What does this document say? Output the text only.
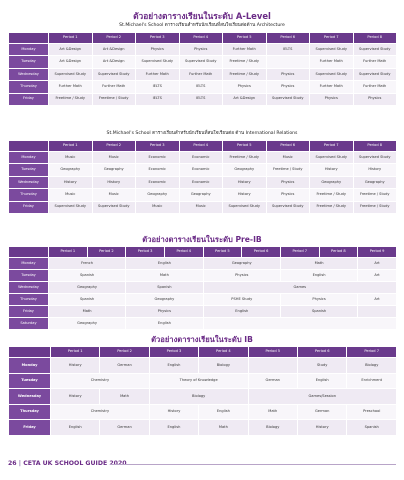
ตัวอย่างตารางเรียนในระดับ A-Level
St.Michael's School ตารางเรียนสำหรับนักเรียนที่สนใจเรียนต่อด้าน Architecture
	Period 1	Period 2	Period 3	Period 4	Period 5	Period 6	Period 7	Period 8
Monday	Art &Design	Art &Design	Physics	Physics	Further Math	IELTS	Supervised Study	Supervised Study
Tuesday	Art &Design	Art &Design	Supervised Study	Supervised Study	Freetime / Study		Further Math	Further Math
Wednesday	Supervised Study	Supervised Study	Further Math	Further Math	Freetime / Study	Physics	Supervised Study	Supervised Study
Thursday	Further Math	Further Math	IELTS	IELTS	Physics	Physics	Further Math	Further Math
Friday	Freetime / Study	Freetime / Study	IELTS	IELTS	Art &Design	Supervised Study	Physics	Physics
St.Michael's School ตารางเรียนสำหรับนักเรียนที่สนใจเรียนต่อ ด้าน International Relations
	Period 1	Period 2	Period 3	Period 4	Period 5	Period 6	Period 7	Period 8
Monday	Music	Music	Economic	Economic	Freetime / Study	Music	Supervised Study	Supervised Study
Tuesday	Geography	Geography	Economic	Economic	Geography	Freetime / Study	History	History
Wednesday	History	History	Economic	Economic	History	Physics	Geography	Geography
Thursday	Music	Music	Geography	Geography	History	Physics	Freetime / Study	Freetime / Study
Friday	Supervised Study	Supervised Study	Music	Music	Supervised Study	Supervised Study	Freetime / Study	Freetime / Study
ตัวอย่างตารางเรียนในระดับ Pre-IB
	Period 1	Period 2	Period 3	Period 4	Period 5	Period 6	Period 7	Period 8	Period 9
Monday	French		English		Geography		Math		Art
Tuesday	Spanish		Math		Physics		English		Art
Wednesday	Geography		Spanish		Games				
Thursday	Spanish		Geography		PSHE Study		Physics		Art
Friday	Math		Physics		English		Spanish		
Saturday	Geography		English						
ตัวอย่างตารางเรียนในระดับ IB
	Period 1	Period 2	Period 3	Period 4	Period 5	Period 6	Period 7
Monday	History	German	English	Biology		Study	Biology
Tuesday	Chemistry		Theory of Knowledge		German	English	Enrichment
Wednesday	History	Math	Biology		Games/Session		
Thursday	Chemistry		History	English	Math	German	Preschool
Friday	English	German	English	Math	Biology	History	Spanish
26 | CETA UK SCHOOL GUIDE 2020
